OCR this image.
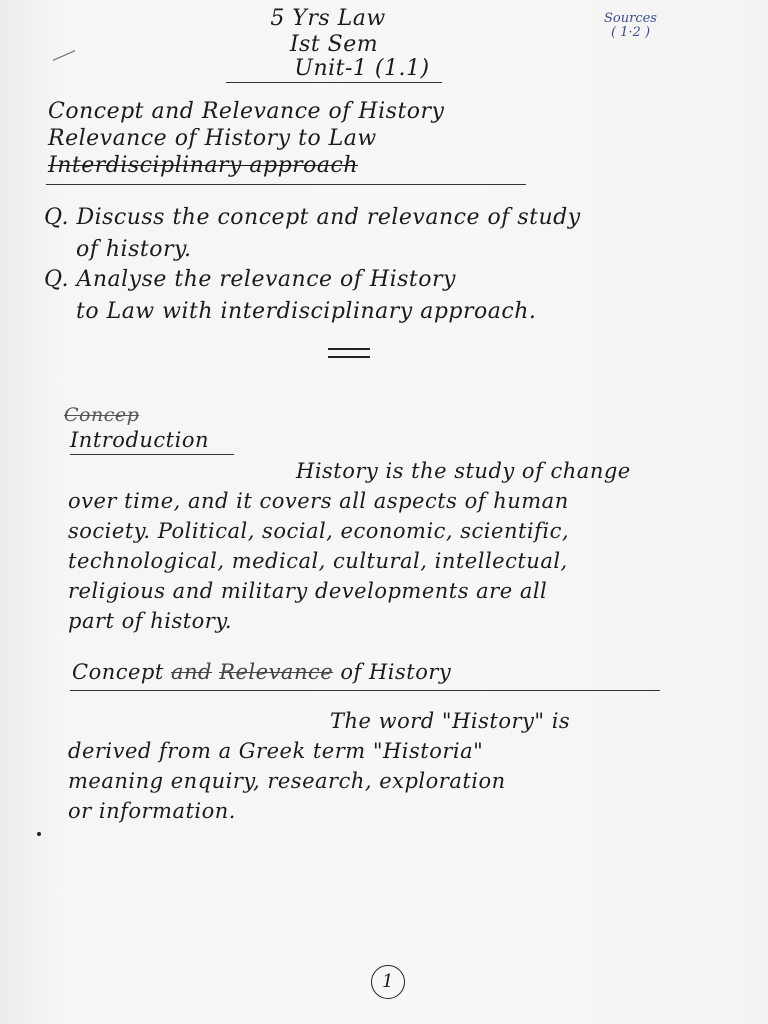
5 Yrs Law
Ist Sem
Unit-1 (1.1)
Sources
( 1·2 )
Concept and Relevance of History
Relevance of History to Law
Interdisciplinary approach
Q. Discuss the concept and relevance of study
of history.
Q. Analyse the relevance of History
to Law with interdisciplinary approach.
Concep
Introduction
History is the study of change
over time, and it covers all aspects of human
society. Political, social, economic, scientific,
technological, medical, cultural, intellectual,
religious and military developments are all
part of history.
Concept and Relevance of History
The word "History" is
derived from a Greek term "Historia"
meaning enquiry, research, exploration
or information.
1
